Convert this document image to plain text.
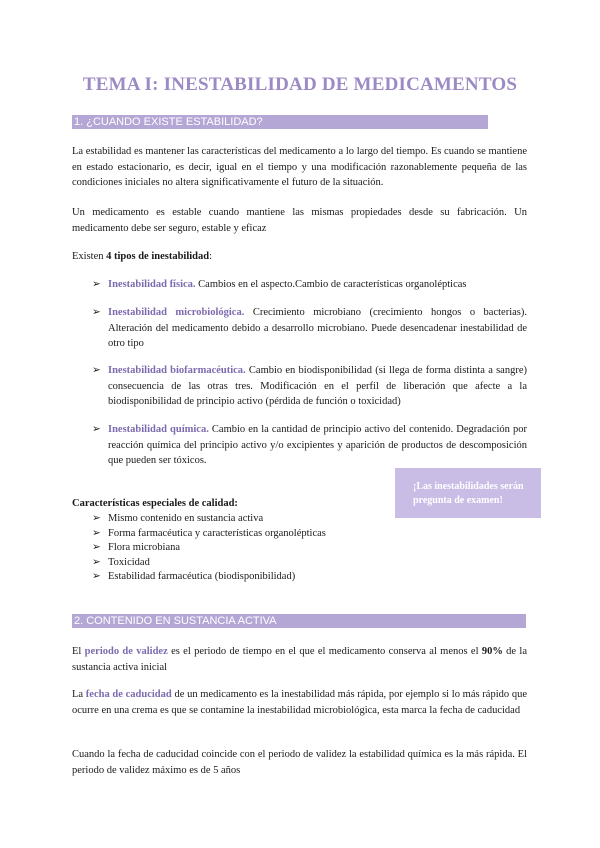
TEMA I: INESTABILIDAD DE MEDICAMENTOS
1. ¿CUANDO EXISTE ESTABILIDAD?
La estabilidad es mantener las características del medicamento a lo largo del tiempo. Es cuando se mantiene en estado estacionario, es decir, igual en el tiempo y una modificación razonablemente pequeña de las condiciones iniciales no altera significativamente el futuro de la situación.
Un medicamento es estable cuando mantiene las mismas propiedades desde su fabricación. Un medicamento debe ser seguro, estable y eficaz
Existen 4 tipos de inestabilidad:
➢ Inestabilidad física. Cambios en el aspecto.Cambio de características organolépticas
➢ Inestabilidad microbiológica. Crecimiento microbiano (crecimiento hongos o bacterias). Alteración del medicamento debido a desarrollo microbiano. Puede desencadenar inestabilidad de otro tipo
➢ Inestabilidad biofarmacéutica. Cambio en biodisponibilidad (si llega de forma distinta a sangre) consecuencia de las otras tres. Modificación en el perfil de liberación que afecte a la biodisponibilidad de principio activo (pérdida de función o toxicidad)
➢ Inestabilidad química. Cambio en la cantidad de principio activo del contenido. Degradación por reacción química del principio activo y/o excipientes y aparición de productos de descomposición que pueden ser tóxicos.
¡Las inestabilidades serán pregunta de examen!
Características especiales de calidad:
➢ Mismo contenido en sustancia activa
➢ Forma farmacéutica y características organolépticas
➢ Flora microbiana
➢ Toxicidad
➢ Estabilidad farmacéutica (biodisponibilidad)
2. CONTENIDO EN SUSTANCIA ACTIVA
El periodo de validez es el periodo de tiempo en el que el medicamento conserva al menos el 90% de la sustancia activa inicial
La fecha de caducidad de un medicamento es la inestabilidad más rápida, por ejemplo si lo más rápido que ocurre en una crema es que se contamine la inestabilidad microbiológica, esta marca la fecha de caducidad
Cuando la fecha de caducidad coincide con el periodo de validez la estabilidad química es la más rápida. El periodo de validez máximo es de 5 años
